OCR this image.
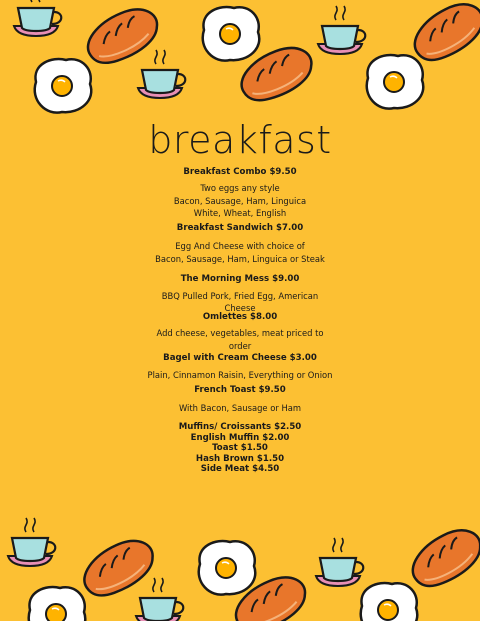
breakfast
Breakfast Combo $9.50
Two eggs any style
Bacon, Sausage, Ham, Linguica
White, Wheat, English
Breakfast Sandwich $7.00
Egg And Cheese with choice of
Bacon, Sausage, Ham, Linguica or Steak
The Morning Mess $9.00
BBQ Pulled Pork, Fried Egg, American
Cheese
Omlettes $8.00
Add cheese, vegetables, meat priced to
order
Bagel with Cream Cheese $3.00
Plain, Cinnamon Raisin, Everything or Onion
French Toast $9.50
With Bacon, Sausage or Ham
Muffins/ Croissants $2.50
English Muffin $2.00
Toast $1.50
Hash Brown $1.50
Side Meat $4.50
